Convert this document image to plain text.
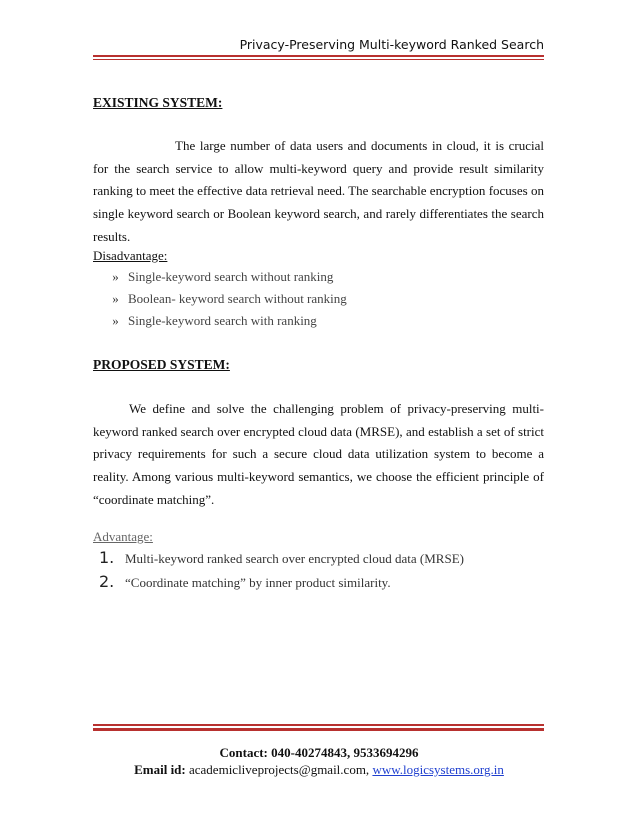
Privacy-Preserving Multi-keyword Ranked Search
EXISTING SYSTEM:

The large number of data users and documents in cloud, it is crucial for the search service to allow multi-keyword query and provide result similarity ranking to meet the effective data retrieval need. The searchable encryption focuses on single keyword search or Boolean keyword search, and rarely differentiates the search results.

Disadvantage:
» Single-keyword search without ranking
» Boolean- keyword search without ranking
» Single-keyword search with ranking
PROPOSED SYSTEM:

We define and solve the challenging problem of privacy-preserving multi-keyword ranked search over encrypted cloud data (MRSE), and establish a set of strict privacy requirements for such a secure cloud data utilization system to become a reality. Among various multi-keyword semantics, we choose the efficient principle of “coordinate matching”.

Advantage:
1. Multi-keyword ranked search over encrypted cloud data (MRSE)
2. “Coordinate matching” by inner product similarity.
Contact: 040-40274843, 9533694296
Email id: academicliveprojects@gmail.com, www.logicsystems.org.in
